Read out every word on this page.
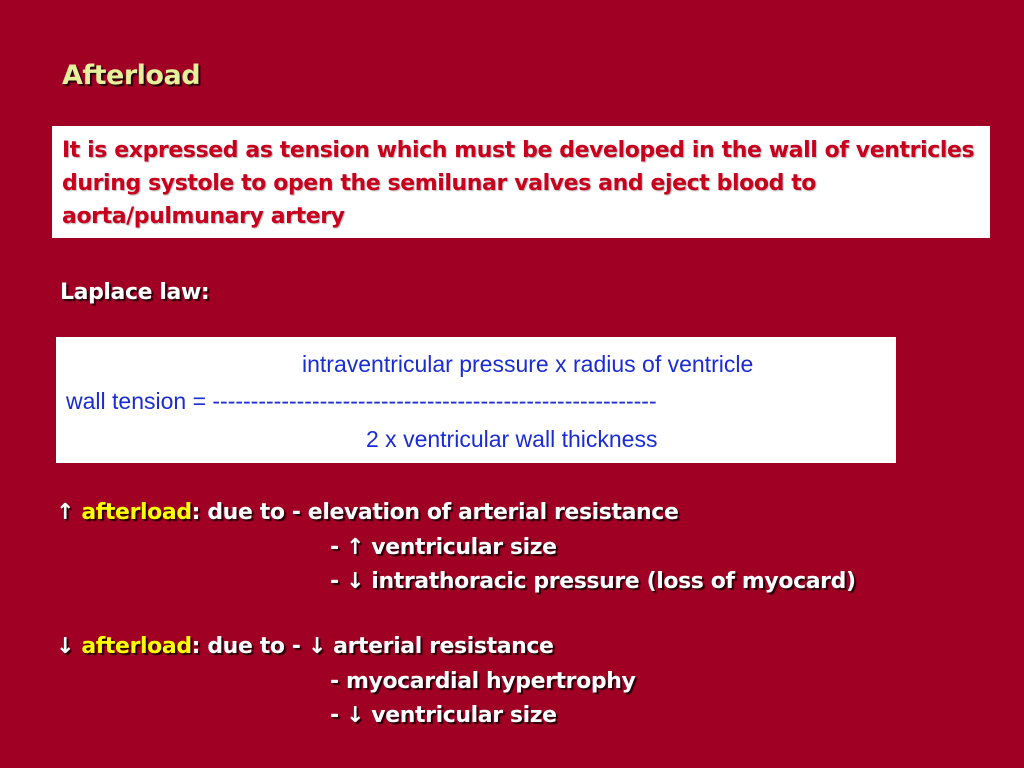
Afterload
It is expressed as tension which must be developed in the wall of ventricles during systole to open the semilunar valves and eject blood to aorta/pulmunary artery
Laplace law:
intraventricular pressure x radius of ventricle
wall tension = ----------------------------------------------------------
2 x ventricular wall thickness
↑ afterload: due to - elevation of arterial resistance
- ↑ ventricular size
- ↓ intrathoracic pressure (loss of myocard)
↓ afterload: due to - ↓ arterial resistance
- myocardial hypertrophy
- ↓ ventricular size
